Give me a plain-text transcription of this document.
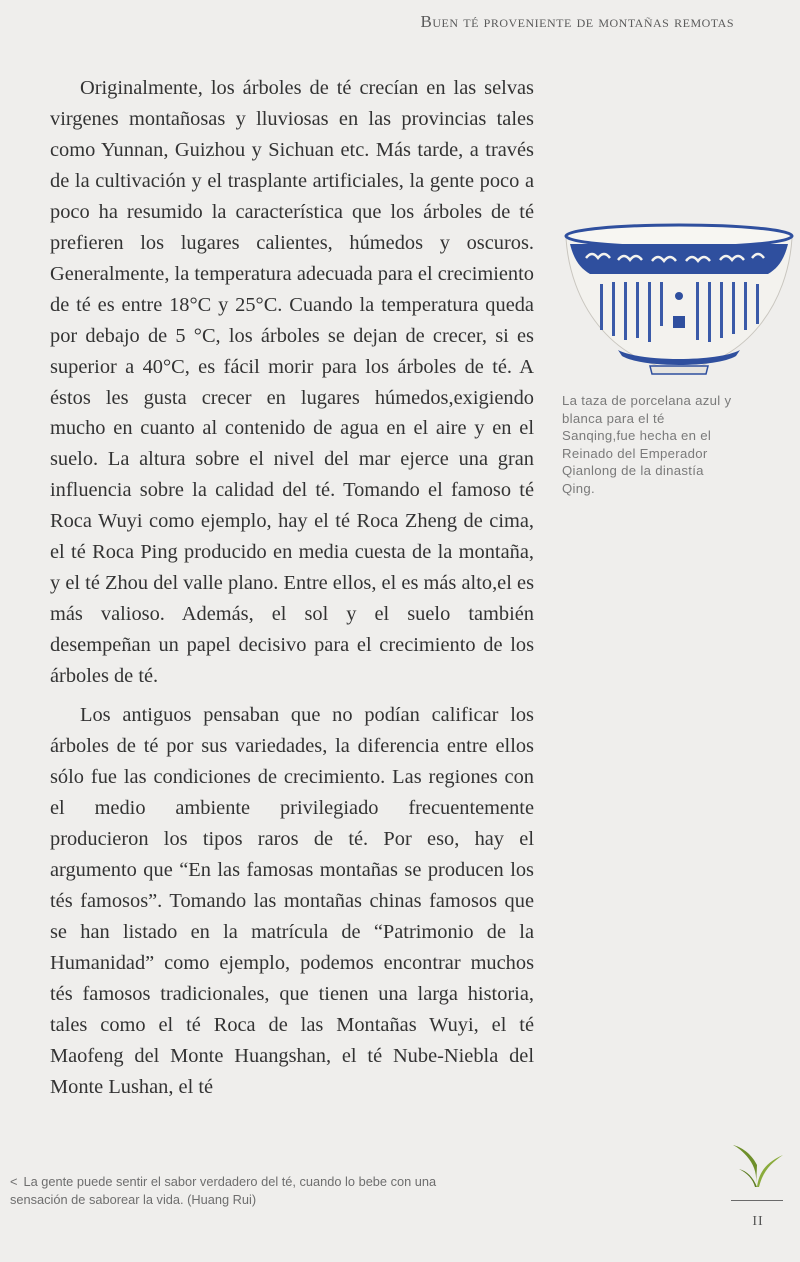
Buen té proveniente de montañas remotas

Originalmente, los árboles de té crecían en las selvas virgenes montañosas y lluviosas en las provincias tales como Yunnan, Guizhou y Sichuan etc. Más tarde, a través de la cultivación y el trasplante artificiales, la gente poco a poco ha resumido la característica que los árboles de té prefieren los lugares calientes, húmedos y oscuros. Generalmente, la temperatura adecuada para el crecimiento de té es entre 18°C y 25°C. Cuando la temperatura queda por debajo de 5 °C, los árboles se dejan de crecer, si es superior a 40°C, es fácil morir para los árboles de té. A éstos les gusta crecer en lugares húmedos,exigiendo mucho en cuanto al contenido de agua en el aire y en el suelo. La altura sobre el nivel del mar ejerce una gran influencia sobre la calidad del té. Tomando el famoso té Roca Wuyi como ejemplo, hay el té Roca Zheng de cima, el té Roca Ping producido en media cuesta de la montaña, y el té Zhou del valle plano. Entre ellos, el es más alto,el es más valioso. Además, el sol y el suelo también desempeñan un papel decisivo para el crecimiento de los árboles de té.

Los antiguos pensaban que no podían calificar los árboles de té por sus variedades, la diferencia entre ellos sólo fue las condiciones de crecimiento. Las regiones con el medio ambiente privilegiado frecuentemente producieron los tipos raros de té. Por eso, hay el argumento que “En las famosas montañas se producen los tés famosos”. Tomando las montañas chinas famosos que se han listado en la matrícula de “Patrimonio de la Humanidad” como ejemplo, podemos encontrar muchos tés famosos tradicionales, que tienen una larga historia, tales como el té Roca de las Montañas Wuyi, el té Maofeng del Monte Huangshan, el té Nube-Niebla del Monte Lushan, el té

La taza de porcelana azul y blanca para el té Sanqing,fue hecha en el Reinado del Emperador Qianlong de la dinastía Qing.
II
< La gente puede sentir el sabor verdadero del té, cuando lo bebe con una sensación de saborear la vida. (Huang Rui)
